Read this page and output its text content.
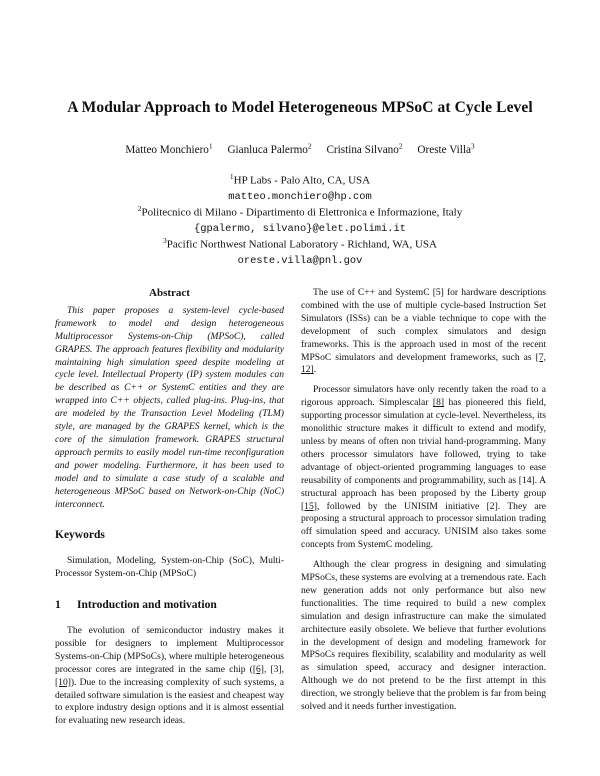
A Modular Approach to Model Heterogeneous MPSoC at Cycle Level
Matteo Monchiero$^1$ Gianluca Palermo$^2$ Cristina Silvano$^2$ Oreste Villa$^3$
$^1$HP Labs - Palo Alto, CA, USA
matteo.monchiero@hp.com
$^2$Politecnico di Milano - Dipartimento di Elettronica e Informazione, Italy
{gpalermo, silvano}@elet.polimi.it
$^3$Pacific Northwest National Laboratory - Richland, WA, USA
oreste.villa@pnl.gov
Abstract

This paper proposes a system-level cycle-based framework to model and design heterogeneous Multiprocessor Systems-on-Chip (MPSoC), called GRAPES. The approach features flexibility and modularity maintaining high simulation speed despite modeling at cycle level. Intellectual Property (IP) system modules can be described as C++ or SystemC entities and they are wrapped into C++ objects, called plug-ins. Plug-ins, that are modeled by the Transaction Level Modeling (TLM) style, are managed by the GRAPES kernel, which is the core of the simulation framework. GRAPES structural approach permits to easily model run-time reconfiguration and power modeling. Furthermore, it has been used to model and to simulate a case study of a scalable and heterogeneous MPSoC based on Network-on-Chip (NoC) interconnect.

Keywords

Simulation, Modeling, System-on-Chip (SoC), Multi-Processor System-on-Chip (MPSoC)

1 Introduction and motivation

The evolution of semiconductor industry makes it possible for designers to implement Multiprocessor Systems-on-Chip (MPSoCs), where multiple heterogeneous processor cores are integrated in the same chip ([6], [3], [10]). Due to the increasing complexity of such systems, a detailed software simulation is the easiest and cheapest way to explore industry design options and it is almost essential for evaluating new research ideas.

The use of C++ and SystemC [5] for hardware descriptions combined with the use of multiple cycle-based Instruction Set Simulators (ISSs) can be a viable technique to cope with the development of such complex simulators and design frameworks. This is the approach used in most of the recent MPSoC simulators and development frameworks, such as [7, 12].

Processor simulators have only recently taken the road to a rigorous approach. Simplescalar [8] has pioneered this field, supporting processor simulation at cycle-level. Nevertheless, its monolithic structure makes it difficult to extend and modify, unless by means of often non trivial hand-programming. Many others processor simulators have followed, trying to take advantage of object-oriented programming languages to ease reusability of components and programmability, such as [14]. A structural approach has been proposed by the Liberty group [15], followed by the UNISIM initiative [2]. They are proposing a structural approach to processor simulation trading off simulation speed and accuracy. UNISIM also takes some concepts from SystemC modeling.

Although the clear progress in designing and simulating MPSoCs, these systems are evolving at a tremendous rate. Each new generation adds not only performance but also new functionalities. The time required to build a new complex simulation and design infrastructure can make the simulated architecture easily obsolete. We believe that further evolutions in the development of design and modeling framework for MPSoCs requires flexibility, scalability and modularity as well as simulation speed, accuracy and designer interaction. Although we do not pretend to be the first attempt in this direction, we strongly believe that the problem is far from being solved and it needs further investigation.
